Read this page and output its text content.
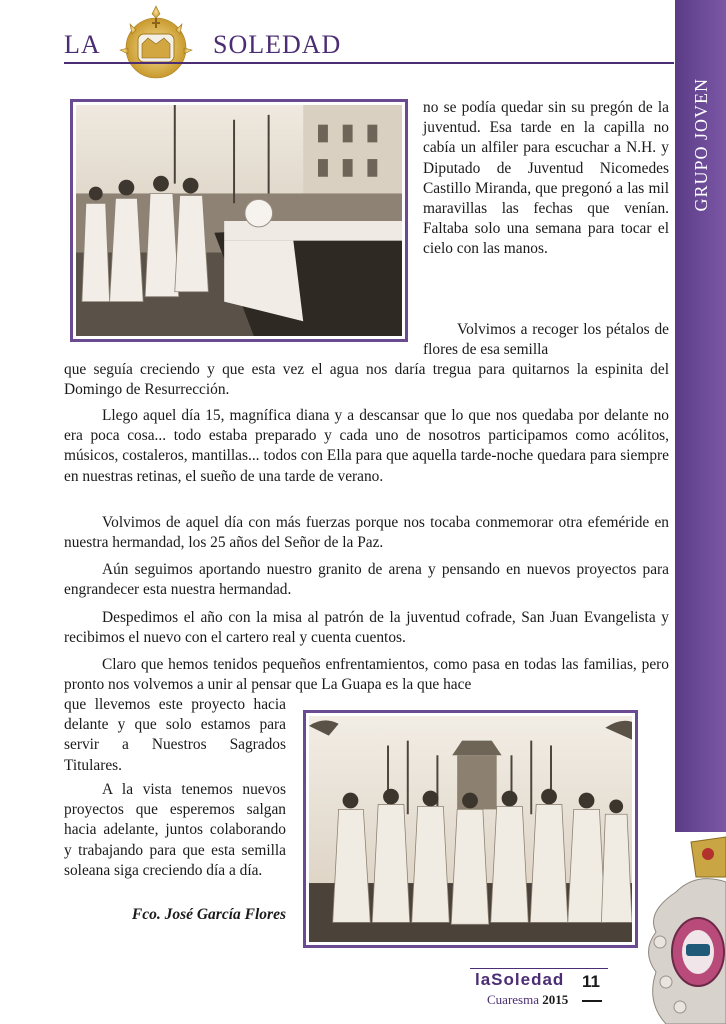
LA	SOLEDAD
GRUPO JOVEN
no se podía quedar sin su pregón de la juventud. Esa tarde en la capilla no cabía un alfiler para escuchar a N.H. y Diputado de Juventud Nicomedes Castillo Miranda, que pregonó a las mil maravillas las fechas que venían. Faltaba solo una semana para tocar el cielo con las manos.
Volvimos a recoger los pétalos de flores de esa semilla
que seguía creciendo y que esta vez el agua nos daría tregua para quitarnos la espinita del Domingo de Resurrección.
Llego aquel día 15, magnífica diana y a descansar que lo que nos quedaba por delante no era poca cosa... todo estaba preparado y cada uno de nosotros participamos como acólitos, músicos, costaleros, mantillas... todos con Ella para que aquella tarde-noche quedara para siempre en nuestras retinas, el sueño de una tarde de verano.
Volvimos de aquel día con más fuerzas porque nos tocaba conmemorar otra efeméride en nuestra hermandad, los 25 años del Señor de la Paz.
Aún seguimos aportando nuestro granito de arena y pensando en nuevos proyectos para engrandecer esta nuestra hermandad.
Despedimos el año con la misa al patrón de la juventud cofrade, San Juan Evangelista y recibimos el nuevo con el cartero real y cuenta cuentos.
Claro que hemos tenidos pequeños enfrentamientos, como pasa en todas las familias, pero pronto nos volvemos a unir al pensar que La Guapa es la que hace
que llevemos este proyecto hacia delante y que solo estamos para servir a Nuestros Sagrados Titulares.
A la vista tenemos nuevos proyectos que esperemos salgan hacia adelante, juntos colaborando y trabajando para que esta semilla soleana siga creciendo día a día.
Fco. José García Flores
laSoledad 11
Cuaresma 2015
